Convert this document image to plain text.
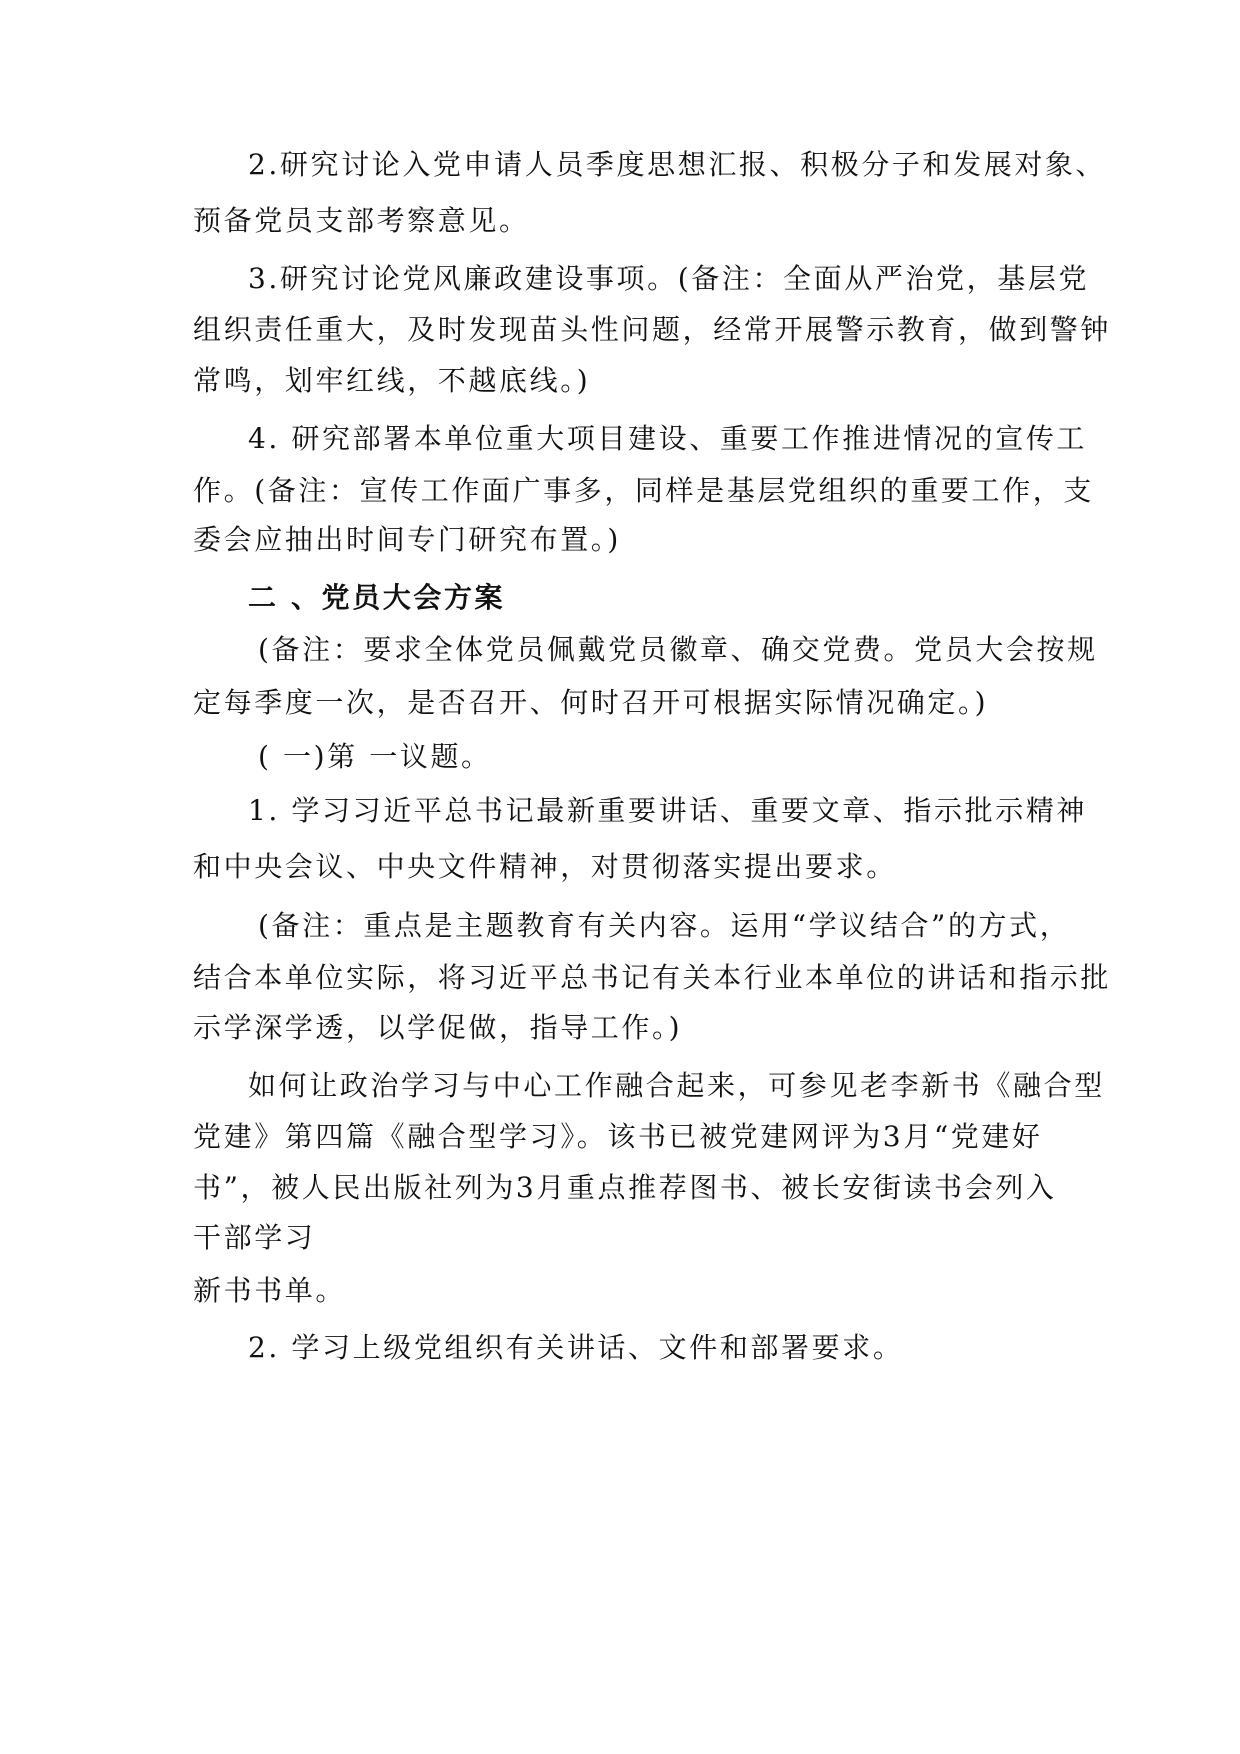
2.研究讨论入党申请人员季度思想汇报、积极分子和发展对象、
预备党员支部考察意见。
3.研究讨论党风廉政建设事项。(备注：全面从严治党，基层党
组织责任重大，及时发现苗头性问题，经常开展警示教育，做到警钟
常鸣，划牢红线，不越底线。)
4. 研究部署本单位重大项目建设、重要工作推进情况的宣传工
作。(备注：宣传工作面广事多，同样是基层党组织的重要工作，支
委会应抽出时间专门研究布置。)
二 、党员大会方案
(备注：要求全体党员佩戴党员徽章、确交党费。党员大会按规
定每季度一次，是否召开、何时召开可根据实际情况确定。)
( 一)第 一议题。
1. 学习习近平总书记最新重要讲话、重要文章、指示批示精神
和中央会议、中央文件精神，对贯彻落实提出要求。
(备注：重点是主题教育有关内容。运用“学议结合”的方式，
结合本单位实际，将习近平总书记有关本行业本单位的讲话和指示批
示学深学透，以学促做，指导工作。)
如何让政治学习与中心工作融合起来，可参见老李新书《融合型
党建》第四篇《融合型学习》。该书已被党建网评为3月“党建好
书”，被人民出版社列为3月重点推荐图书、被长安街读书会列入
干部学习
新书书单。
2. 学习上级党组织有关讲话、文件和部署要求。
